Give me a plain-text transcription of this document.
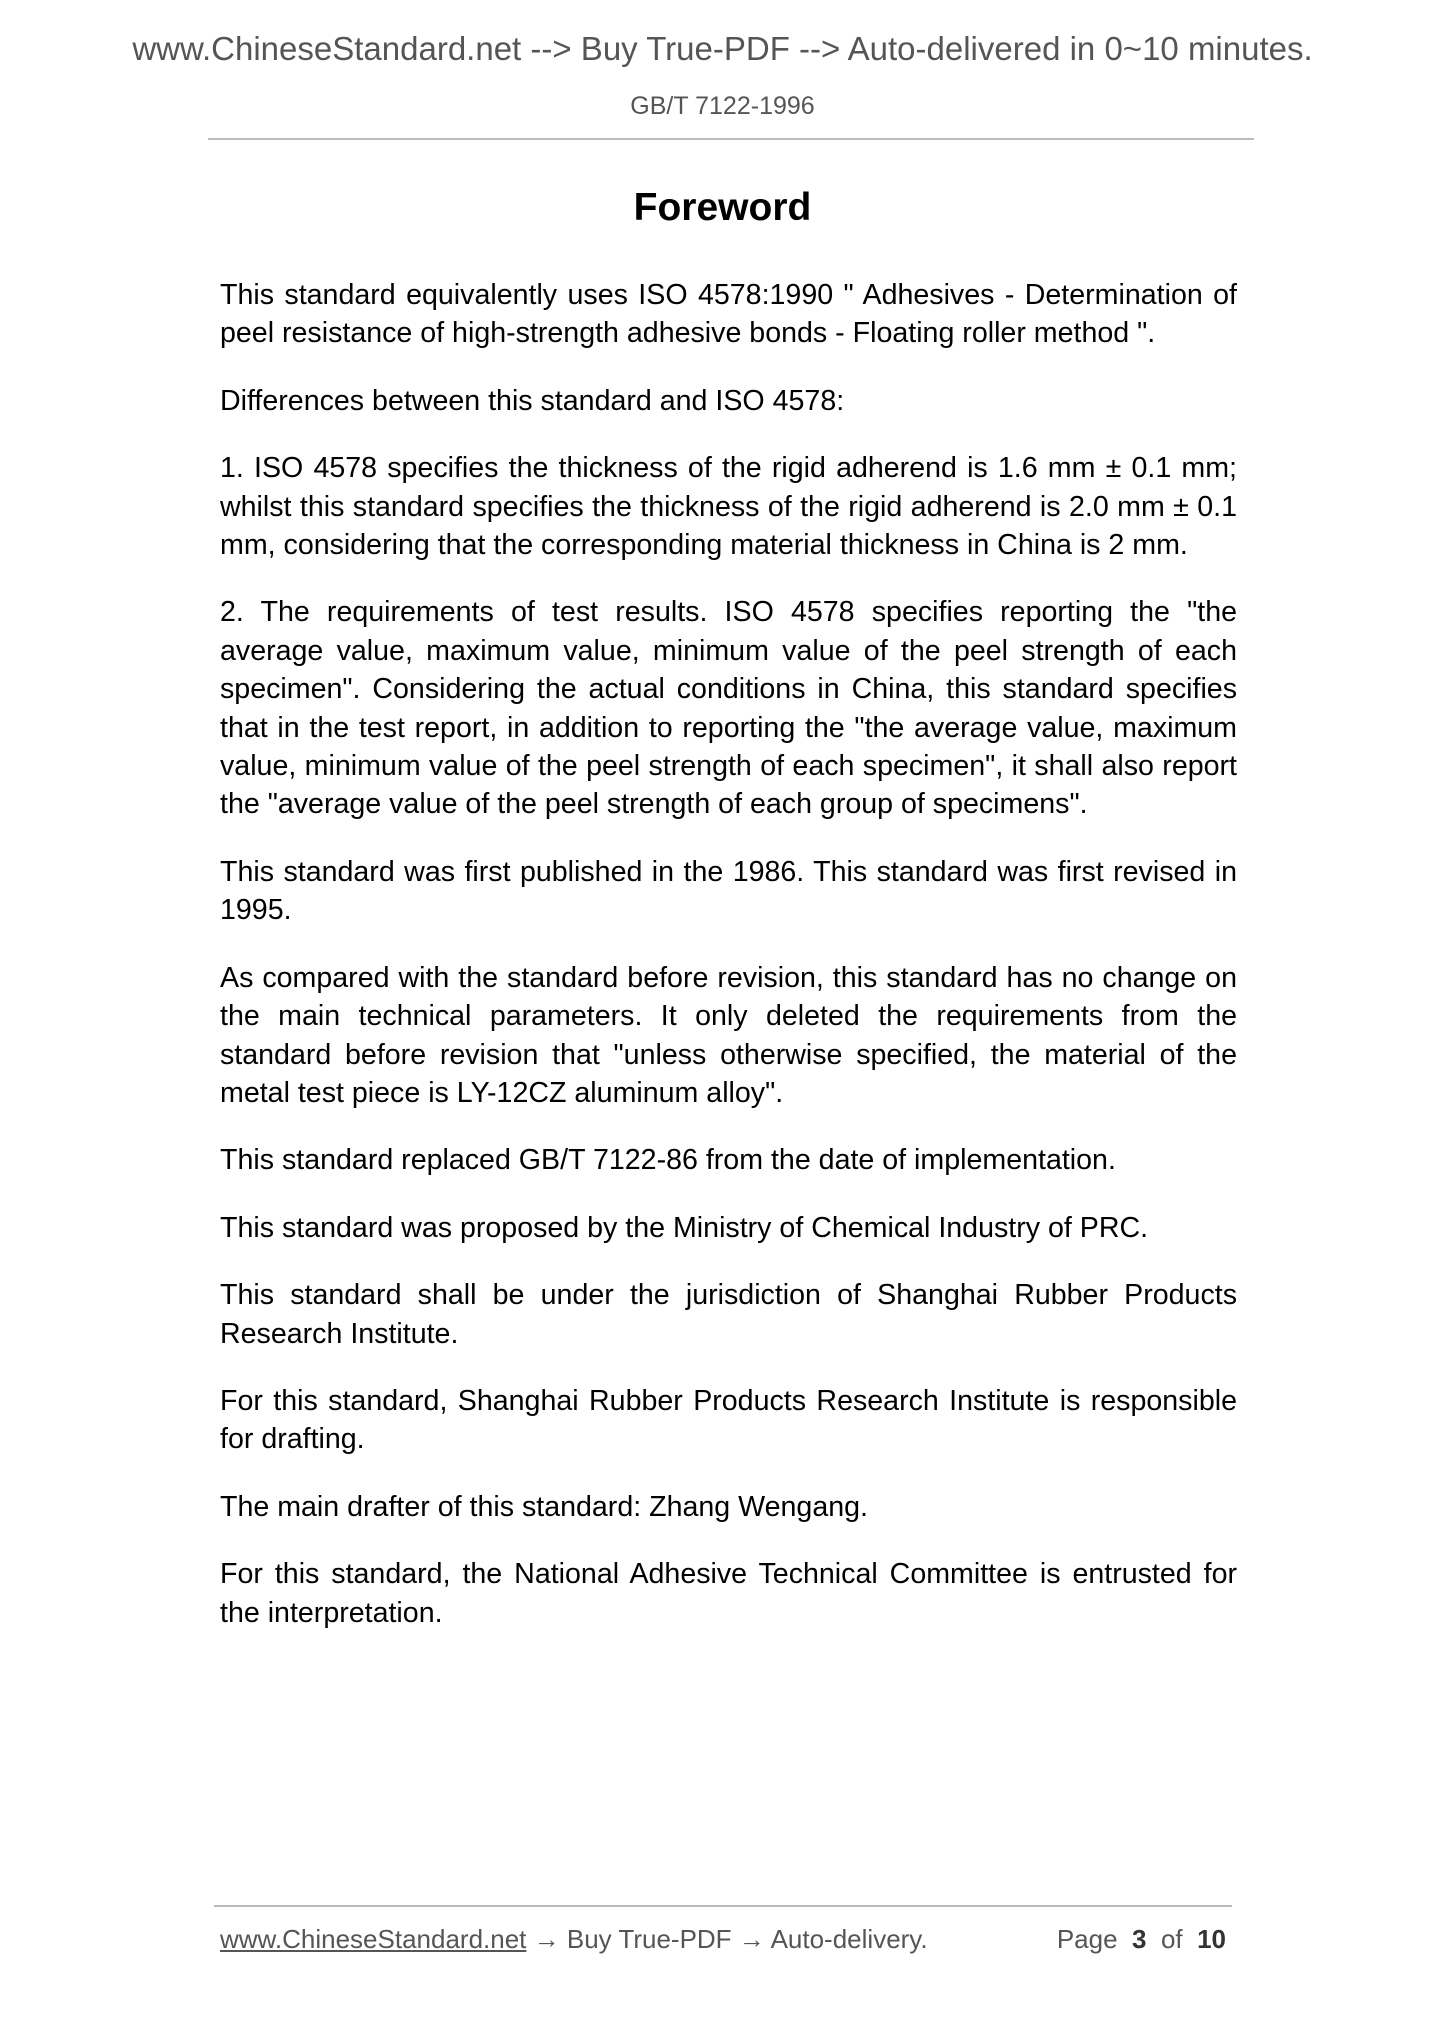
www.ChineseStandard.net --> Buy True-PDF --> Auto-delivered in 0~10 minutes.
GB/T 7122-1996
Foreword

This standard equivalently uses ISO 4578:1990 " Adhesives - Determination of peel resistance of high-strength adhesive bonds - Floating roller method ".

Differences between this standard and ISO 4578:

1. ISO 4578 specifies the thickness of the rigid adherend is 1.6 mm ± 0.1 mm; whilst this standard specifies the thickness of the rigid adherend is 2.0 mm ± 0.1 mm, considering that the corresponding material thickness in China is 2 mm.

2. The requirements of test results. ISO 4578 specifies reporting the "the average value, maximum value, minimum value of the peel strength of each specimen". Considering the actual conditions in China, this standard specifies that in the test report, in addition to reporting the "the average value, maximum value, minimum value of the peel strength of each specimen", it shall also report the "average value of the peel strength of each group of specimens".

This standard was first published in the 1986. This standard was first revised in 1995.

As compared with the standard before revision, this standard has no change on the main technical parameters. It only deleted the requirements from the standard before revision that "unless otherwise specified, the material of the metal test piece is LY-12CZ aluminum alloy".

This standard replaced GB/T 7122-86 from the date of implementation.

This standard was proposed by the Ministry of Chemical Industry of PRC.

This standard shall be under the jurisdiction of Shanghai Rubber Products Research Institute.

For this standard, Shanghai Rubber Products Research Institute is responsible for drafting.

The main drafter of this standard: Zhang Wengang.

For this standard, the National Adhesive Technical Committee is entrusted for the interpretation.

www.ChineseStandard.net → Buy True-PDF → Auto-delivery.	Page 3 of 10
